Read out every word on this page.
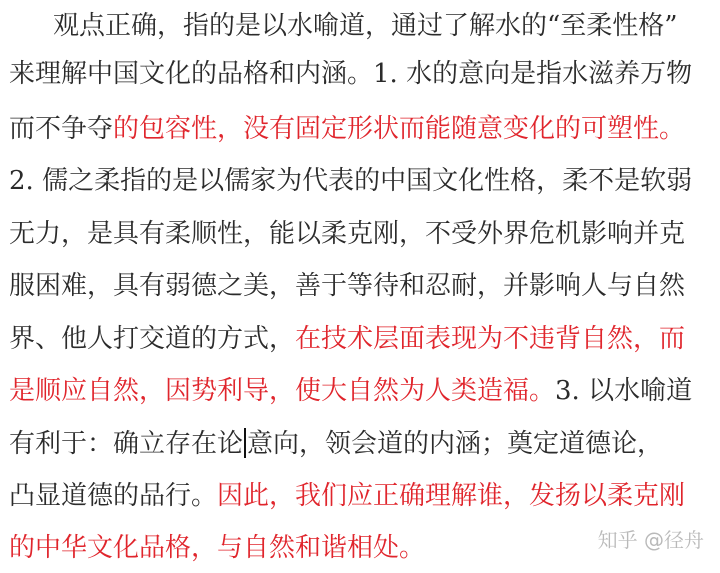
观点正确，指的是以水喻道，通过了解水的“至柔性格”
来理解中国文化的品格和内涵。1. 水的意向是指水滋养万物
而不争夺的包容性，没有固定形状而能随意变化的可塑性。
2. 儒之柔指的是以儒家为代表的中国文化性格，柔不是软弱
无力，是具有柔顺性，能以柔克刚，不受外界危机影响并克
服困难，具有弱德之美，善于等待和忍耐，并影响人与自然
界、他人打交道的方式，在技术层面表现为不违背自然，而
是顺应自然，因势利导，使大自然为人类造福。3. 以水喻道
有利于：确立存在论 意向，领会道的内涵；奠定道德论，
凸显道德的品行。因此，我们应正确理解谁，发扬以柔克刚
的中华文化品格，与自然和谐相处。	知乎 @径舟
